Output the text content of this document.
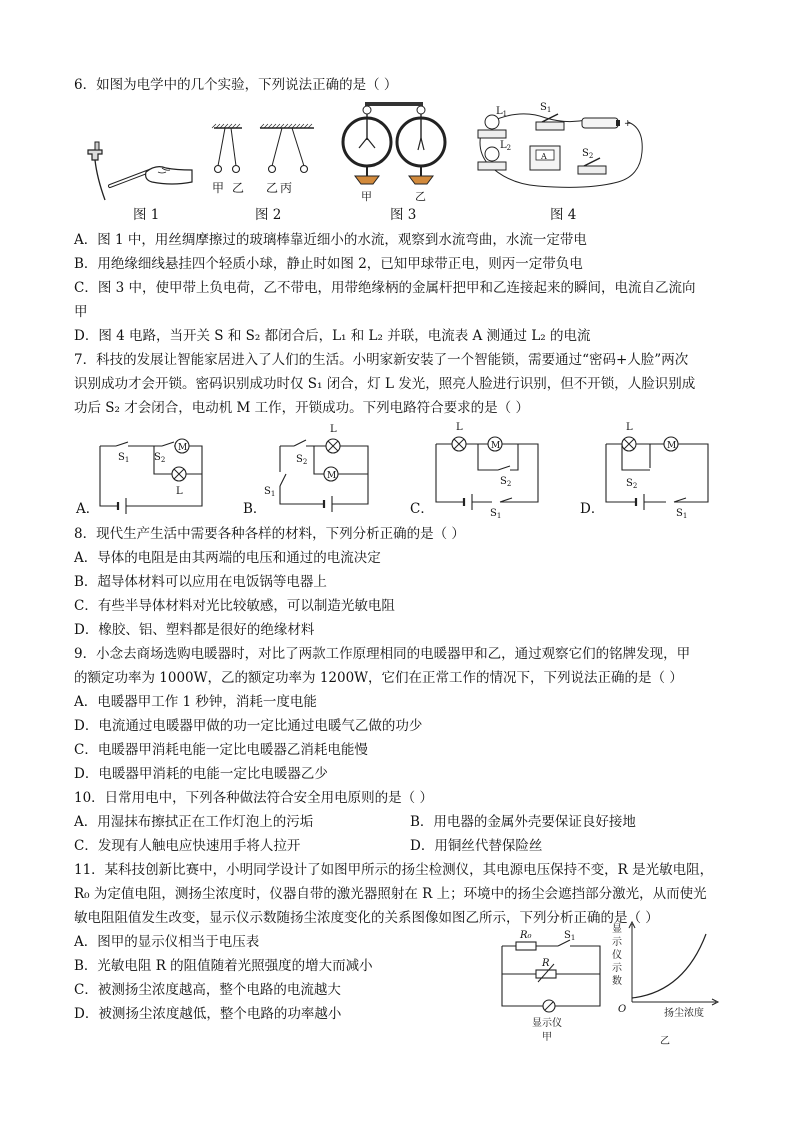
6．如图为电学中的几个实验，下列说法正确的是（ ）
甲 乙 乙 丙
甲	乙
$L_1$
$L_2$
A
$S_1$
+
$S_2$
图 1	图 2	图 3	图 4
A．图 1 中，用丝绸摩擦过的玻璃棒靠近细小的水流，观察到水流弯曲，水流一定带电
B．用绝缘细线悬挂四个轻质小球，静止时如图 2，已知甲球带正电，则丙一定带负电
C．图 3 中，使甲带上负电荷，乙不带电，用带绝缘柄的金属杆把甲和乙连接起来的瞬间，电流自乙流向
甲
D．图 4 电路，当开关 S 和 S₂ 都闭合后，L₁ 和 L₂ 并联，电流表 A 测通过 L₂ 的电流
7．科技的发展让智能家居进入了人们的生活。小明家新安装了一个智能锁，需要通过“密码+人脸”两次
识别成功才会开锁。密码识别成功时仅 S₁ 闭合，灯 L 发光，照亮人脸进行识别，但不开锁，人脸识别成
功后 S₂ 才会闭合，电动机 M 工作，开锁成功。下列电路符合要求的是（ ）
M
L
$S_1$ $S_2$
A．
L
M
$S_2$
$S_1$
B．
L
M
$S_2$
$S_1$
C．
L
M
$S_2$
$S_1$
D．
8．现代生产生活中需要各种各样的材料，下列分析正确的是（ ）
A．导体的电阻是由其两端的电压和通过的电流决定
B．超导体材料可以应用在电饭锅等电器上
C．有些半导体材料对光比较敏感，可以制造光敏电阻
D．橡胶、铝、塑料都是很好的绝缘材料
9．小念去商场选购电暖器时，对比了两款工作原理相同的电暖器甲和乙，通过观察它们的铭牌发现，甲
的额定功率为 1000W，乙的额定功率为 1200W，它们在正常工作的情况下，下列说法正确的是（ ）
A．电暖器甲工作 1 秒钟，消耗一度电能
D．电流通过电暖器甲做的功一定比通过电暖气乙做的功少
C．电暖器甲消耗电能一定比电暖器乙消耗电能慢
D．电暖器甲消耗的电能一定比电暖器乙少
10．日常用电中，下列各种做法符合安全用电原则的是（ ）
A．用湿抹布擦拭正在工作灯泡上的污垢	B．用电器的金属外壳要保证良好接地
C．发现有人触电应快速用手将人拉开	D．用铜丝代替保险丝
11．某科技创新比赛中，小明同学设计了如图甲所示的扬尘检测仪，其电源电压保持不变，R 是光敏电阻，
R₀ 为定值电阻，测扬尘浓度时，仪器自带的激光器照射在 R 上；环境中的扬尘会遮挡部分激光，从而使光
敏电阻阻值发生改变，显示仪示数随扬尘浓度变化的关系图像如图乙所示，下列分析正确的是（ ）
A．图甲的显示仪相当于电压表
B．光敏电阻 R 的阻值随着光照强度的增大而减小
C．被测扬尘浓度越高，整个电路的电流越大
D．被测扬尘浓度越低，整个电路的功率越小
R₀	$S_1$
R
显示仪
甲
显
示
仪
示
数
O	扬尘浓度
乙
